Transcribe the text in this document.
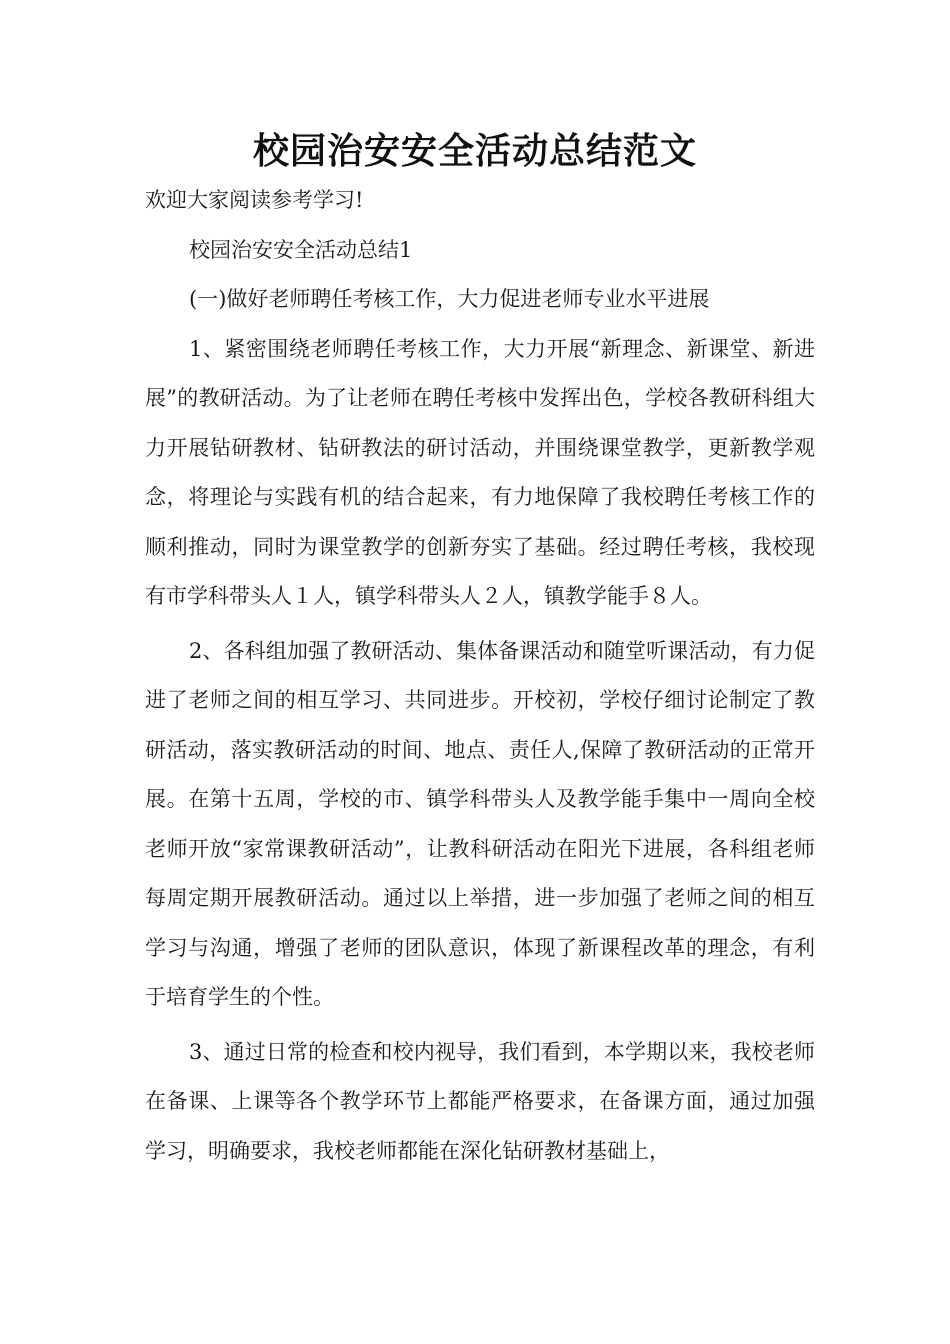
校园治安安全活动总结范文

欢迎大家阅读参考学习!

校园治安安全活动总结1

(一)做好老师聘任考核工作，大力促进老师专业水平进展

1、紧密围绕老师聘任考核工作，大力开展“新理念、新课堂、新进展”的教研活动。为了让老师在聘任考核中发挥出色，学校各教研科组大力开展钻研教材、钻研教法的研讨活动，并围绕课堂教学，更新教学观念，将理论与实践有机的结合起来，有力地保障了我校聘任考核工作的顺利推动，同时为课堂教学的创新夯实了基础。经过聘任考核，我校现有市学科带头人１人，镇学科带头人２人，镇教学能手８人。

2、各科组加强了教研活动、集体备课活动和随堂听课活动，有力促进了老师之间的相互学习、共同进步。开校初，学校仔细讨论制定了教研活动，落实教研活动的时间、地点、责任人,保障了教研活动的正常开展。在第十五周，学校的市、镇学科带头人及教学能手集中一周向全校老师开放“家常课教研活动”，让教科研活动在阳光下进展，各科组老师每周定期开展教研活动。通过以上举措，进一步加强了老师之间的相互学习与沟通，增强了老师的团队意识，体现了新课程改革的理念，有利于培育学生的个性。

3、通过日常的检查和校内视导，我们看到，本学期以来，我校老师在备课、上课等各个教学环节上都能严格要求，在备课方面，通过加强学习，明确要求，我校老师都能在深化钻研教材基础上，
